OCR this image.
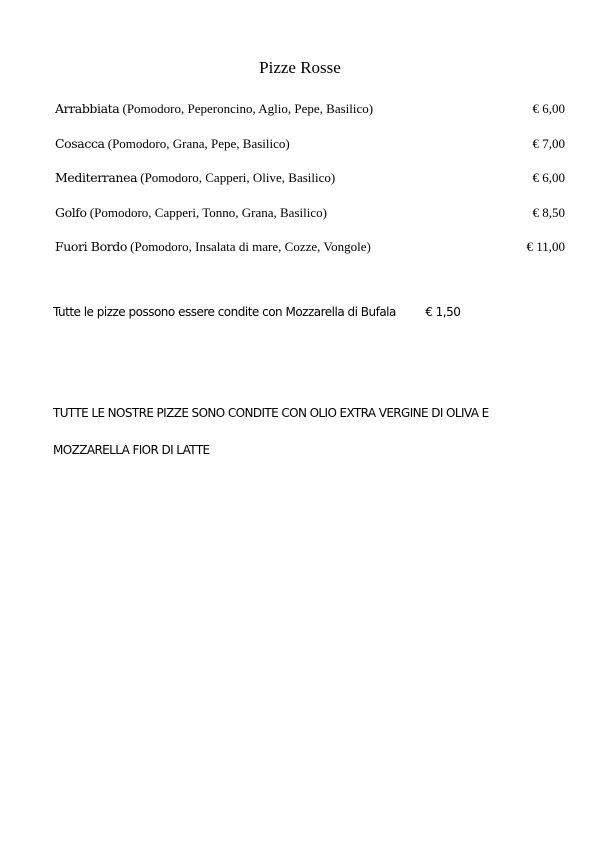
Pizze Rosse
Arrabbiata (Pomodoro, Peperoncino, Aglio, Pepe, Basilico)	€ 6,00
Cosacca (Pomodoro, Grana, Pepe, Basilico)	€ 7,00
Mediterranea (Pomodoro, Capperi, Olive, Basilico)	€ 6,00
Golfo (Pomodoro, Capperi, Tonno, Grana, Basilico)	€ 8,50
Fuori Bordo (Pomodoro, Insalata di mare, Cozze, Vongole)	€ 11,00
Tutte le pizze possono essere condite con Mozzarella di Bufala € 1,50
TUTTE LE NOSTRE PIZZE SONO CONDITE CON OLIO EXTRA VERGINE DI OLIVA E
MOZZARELLA FIOR DI LATTE
